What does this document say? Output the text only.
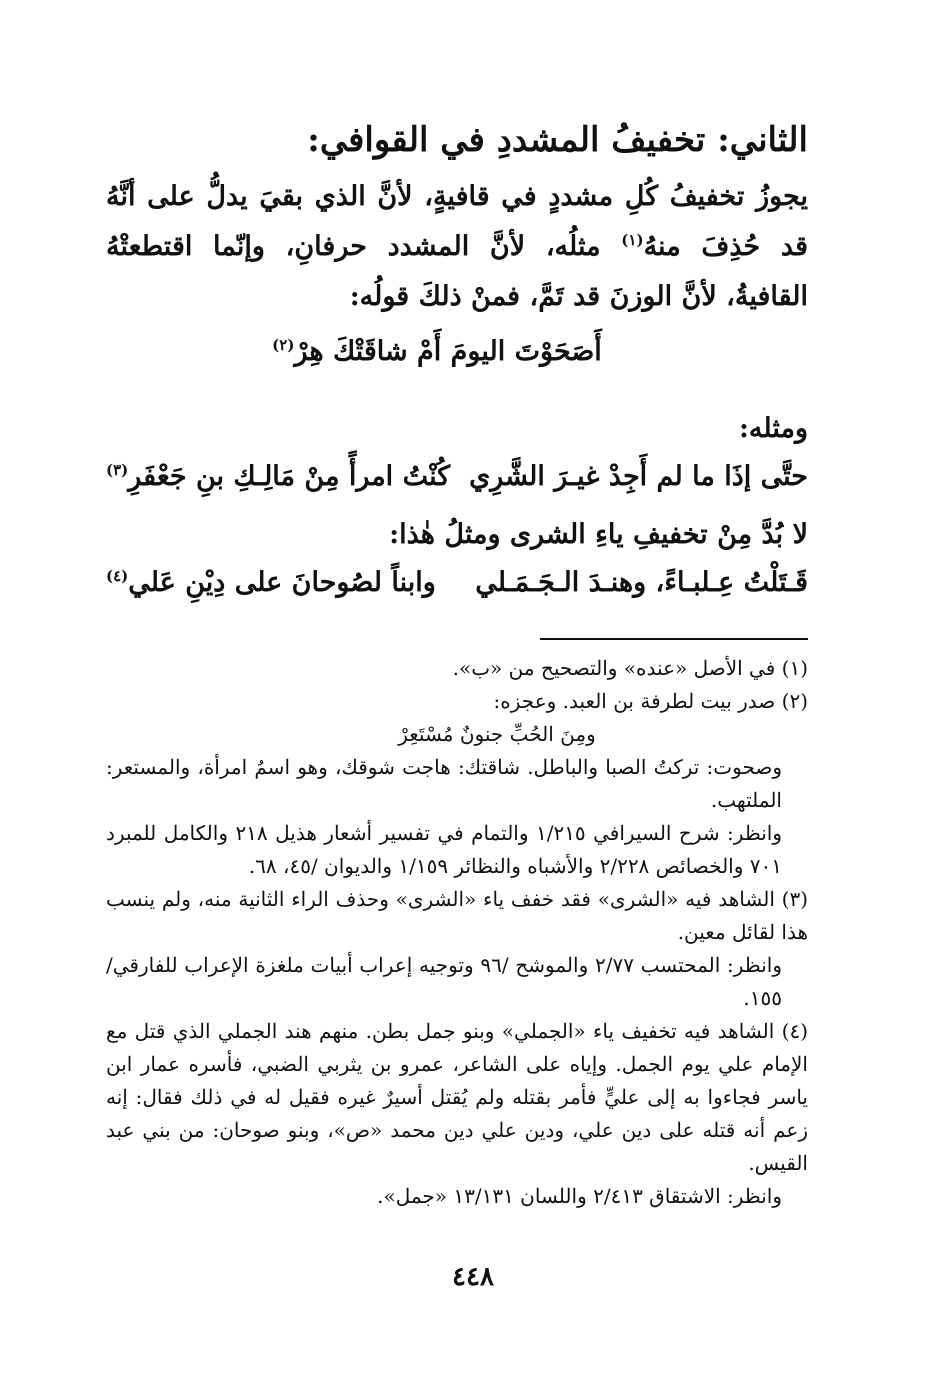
الثاني: تخفيفُ المشددِ في القوافي:

يجوزُ تخفيفُ كُلِ مشددٍ في قافيةٍ، لأنَّ الذي بقيَ يدلُّ على أنَّهُ قد حُذِفَ منهُ$^{(١)}$ مثلُه، لأنَّ المشدد حرفانِ، وإنّما اقتطعتْهُ القافيةُ، لأنَّ الوزنَ قد تَمَّ، فمنْ ذلكَ قولُه:

أَصَحَوْتَ اليومَ أَمْ شاقَتْكَ هِرْ$^{(٢)}$

ومثله:

حتَّى إذَا ما لم أَجِدْ غيـرَ الشَّرِي
كُنْتُ امرأً مِنْ مَالِـكِ بنِ جَعْفَرِ$^{(٣)}$

لا بُدَّ مِنْ تخفيفِ ياءِ الشرى ومثلُ هٰذا:

قَـتَلْتُ عِـلبـاءً، وهنـدَ الـجَـمَـلي
وابناً لصُوحانَ على دِيْنِ عَلي$^{(٤)}$

(١) في الأصل «عنده» والتصحيح من «ب».

(٢) صدر بيت لطرفة بن العبد. وعجزه:

ومِنَ الحُبِّ جنونٌ مُسْتَعِرْ

وصحوت: تركتُ الصبا والباطل. شاقتك: هاجت شوقك، وهو اسمُ امرأة، والمستعر: الملتهب.

وانظر: شرح السيرافي ١/٢١٥ والتمام في تفسير أشعار هذيل ٢١٨ والكامل للمبرد ٧٠١ والخصائص ٢/٢٢٨ والأشباه والنظائر ١/١٥٩ والديوان /٤٥، ٦٨.

(٣) الشاهد فيه «الشرى» فقد خفف ياء «الشرى» وحذف الراء الثانية منه، ولم ينسب هذا لقائل معين.

وانظر: المحتسب ٢/٧٧ والموشح /٩٦ وتوجيه إعراب أبيات ملغزة الإعراب للفارقي/١٥٥.

(٤) الشاهد فيه تخفيف ياء «الجملي» وبنو جمل بطن. منهم هند الجملي الذي قتل مع الإمام علي يوم الجمل. وإياه على الشاعر، عمرو بن يثربي الضبي، فأسره عمار ابن ياسر فجاءوا به إلى عليٍّ فأمر بقتله ولم يُقتل أسيرٌ غيره فقيل له في ذلك فقال: إنه زعم أنه قتله على دين علي، ودين علي دين محمد «ص»، وبنو صوحان: من بني عبد القيس.

وانظر: الاشتقاق ٢/٤١٣ واللسان ١٣/١٣١ «جمل».

٤٤٨
